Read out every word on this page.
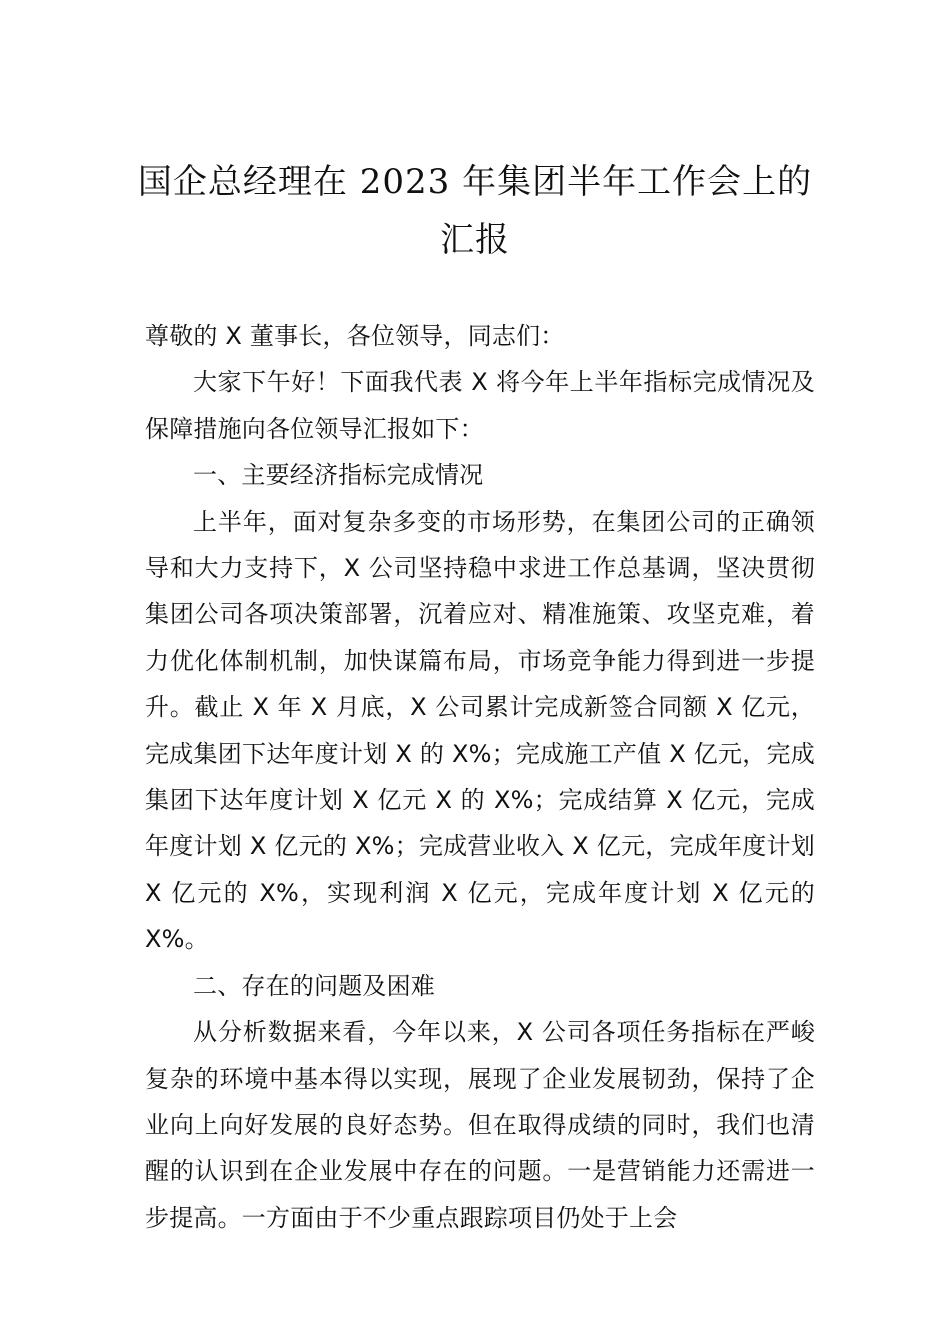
国企总经理在 2023 年集团半年工作会上的
汇报

尊敬的 X 董事长，各位领导，同志们：

大家下午好！下面我代表 X 将今年上半年指标完成情况及保障措施向各位领导汇报如下：

一、主要经济指标完成情况

上半年，面对复杂多变的市场形势，在集团公司的正确领导和大力支持下，X 公司坚持稳中求进工作总基调，坚决贯彻集团公司各项决策部署，沉着应对、精准施策、攻坚克难，着力优化体制机制，加快谋篇布局，市场竞争能力得到进一步提升。截止 X 年 X 月底，X 公司累计完成新签合同额 X 亿元，完成集团下达年度计划 X 的 X%；完成施工产值 X 亿元，完成集团下达年度计划 X 亿元 X 的 X%；完成结算 X 亿元，完成年度计划 X 亿元的 X%；完成营业收入 X 亿元，完成年度计划 X 亿元的 X%，实现利润 X 亿元，完成年度计划 X 亿元的 X%。

二、存在的问题及困难

从分析数据来看，今年以来，X 公司各项任务指标在严峻复杂的环境中基本得以实现，展现了企业发展韧劲，保持了企业向上向好发展的良好态势。但在取得成绩的同时，我们也清醒的认识到在企业发展中存在的问题。一是营销能力还需进一步提高。一方面由于不少重点跟踪项目仍处于上会
